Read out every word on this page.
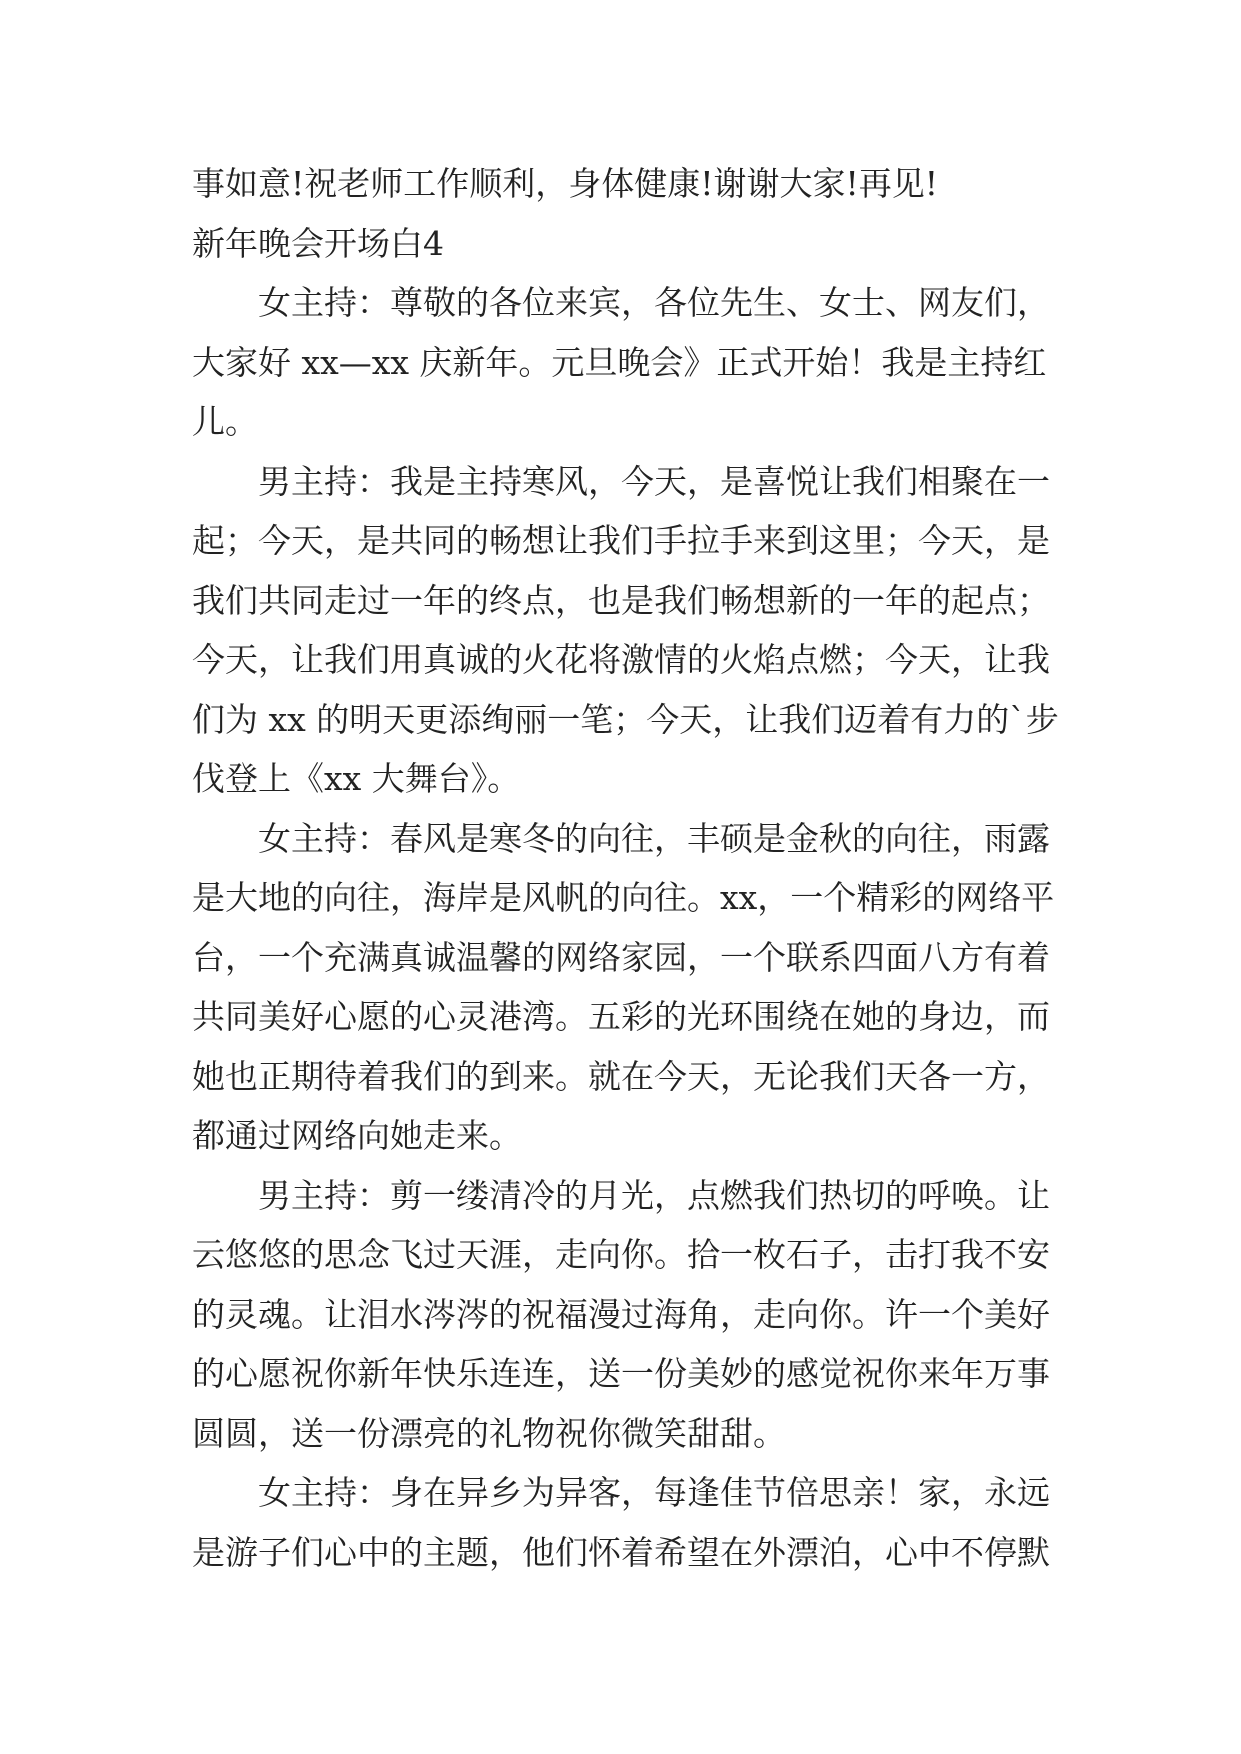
事如意!祝老师工作顺利，身体健康!谢谢大家!再见!
新年晚会开场白4
女主持：尊敬的各位来宾，各位先生、女士、网友们，
大家好 xx—xx 庆新年。元旦晚会》正式开始！我是主持红
儿。
男主持：我是主持寒风，今天，是喜悦让我们相聚在一
起；今天，是共同的畅想让我们手拉手来到这里；今天，是
我们共同走过一年的终点，也是我们畅想新的一年的起点；
今天，让我们用真诚的火花将激情的火焰点燃；今天，让我
们为 xx 的明天更添绚丽一笔；今天，让我们迈着有力的`步
伐登上《xx 大舞台》。
女主持：春风是寒冬的向往，丰硕是金秋的向往，雨露
是大地的向往，海岸是风帆的向往。xx，一个精彩的网络平
台，一个充满真诚温馨的网络家园，一个联系四面八方有着
共同美好心愿的心灵港湾。五彩的光环围绕在她的身边，而
她也正期待着我们的到来。就在今天，无论我们天各一方，
都通过网络向她走来。
男主持：剪一缕清冷的月光，点燃我们热切的呼唤。让
云悠悠的思念飞过天涯，走向你。拾一枚石子，击打我不安
的灵魂。让泪水涔涔的祝福漫过海角，走向你。许一个美好
的心愿祝你新年快乐连连，送一份美妙的感觉祝你来年万事
圆圆，送一份漂亮的礼物祝你微笑甜甜。
女主持：身在异乡为异客，每逢佳节倍思亲！家，永远
是游子们心中的主题，他们怀着希望在外漂泊，心中不停默
